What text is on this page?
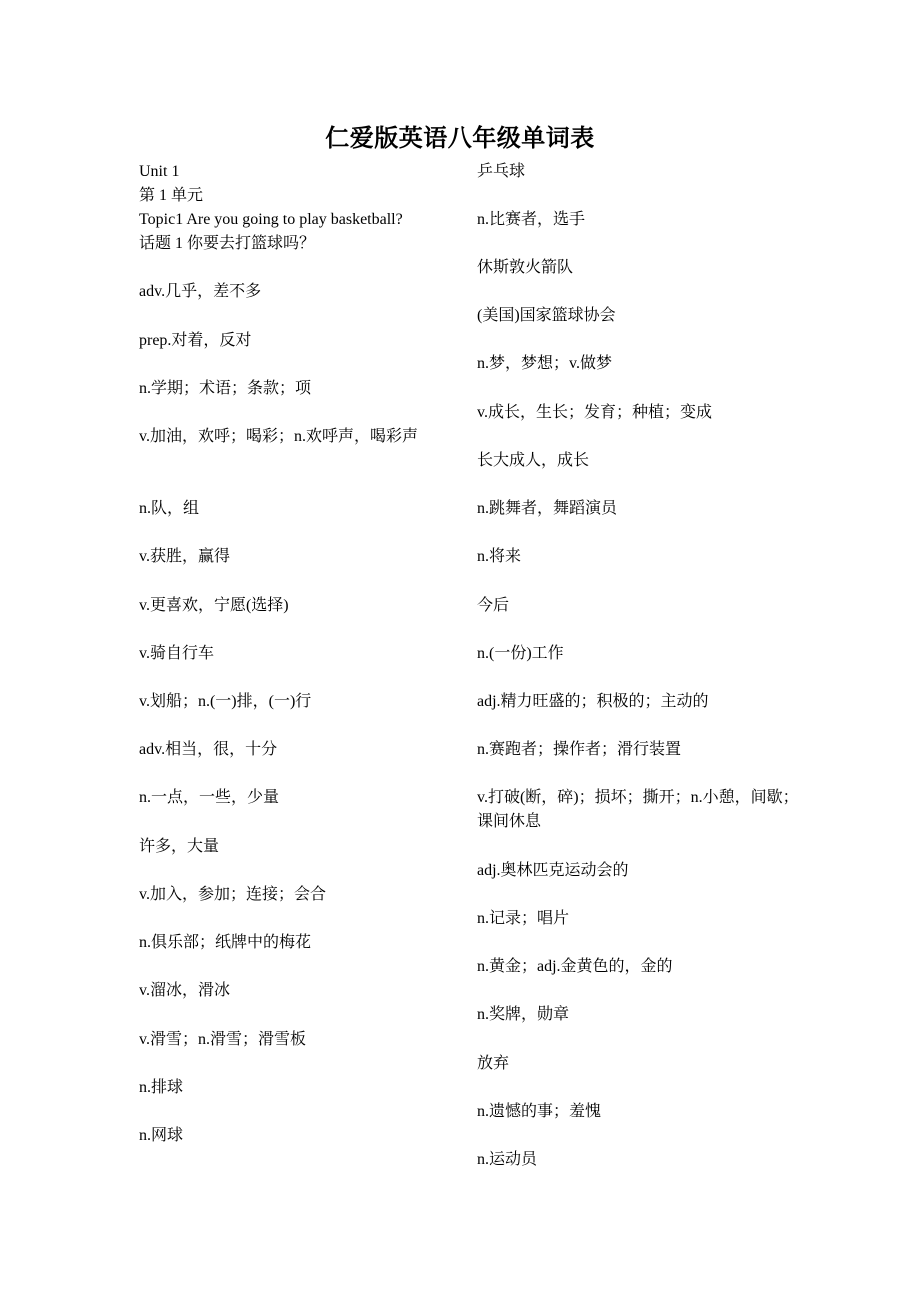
仁爱版英语八年级单词表
Unit 1
第 1 单元
Topic1 Are you going to play basketball?
话题 1 你要去打篮球吗？
adv.几乎，差不多
prep.对着，反对
n.学期；术语；条款；项
v.加油，欢呼；喝彩；n.欢呼声，喝彩声
n.队，组
v.获胜，赢得
v.更喜欢，宁愿(选择)
v.骑自行车
v.划船；n.(一)排，(一)行
adv.相当，很，十分
n.一点，一些，少量
许多，大量
v.加入，参加；连接；会合
n.俱乐部；纸牌中的梅花
v.溜冰，滑冰
v.滑雪；n.滑雪；滑雪板
n.排球
n.网球
乒乓球
n.比赛者，选手
休斯敦火箭队
(美国)国家篮球协会
n.梦，梦想；v.做梦
v.成长，生长；发育；种植；变成
长大成人，成长
n.跳舞者，舞蹈演员
n.将来
今后
n.(一份)工作
adj.精力旺盛的；积极的；主动的
n.赛跑者；操作者；滑行装置
v.打破(断，碎)；损坏；撕开；n.小憩，间歇；
课间休息
adj.奥林匹克运动会的
n.记录；唱片
n.黄金；adj.金黄色的，金的
n.奖牌，勋章
放弃
n.遗憾的事；羞愧
n.运动员
